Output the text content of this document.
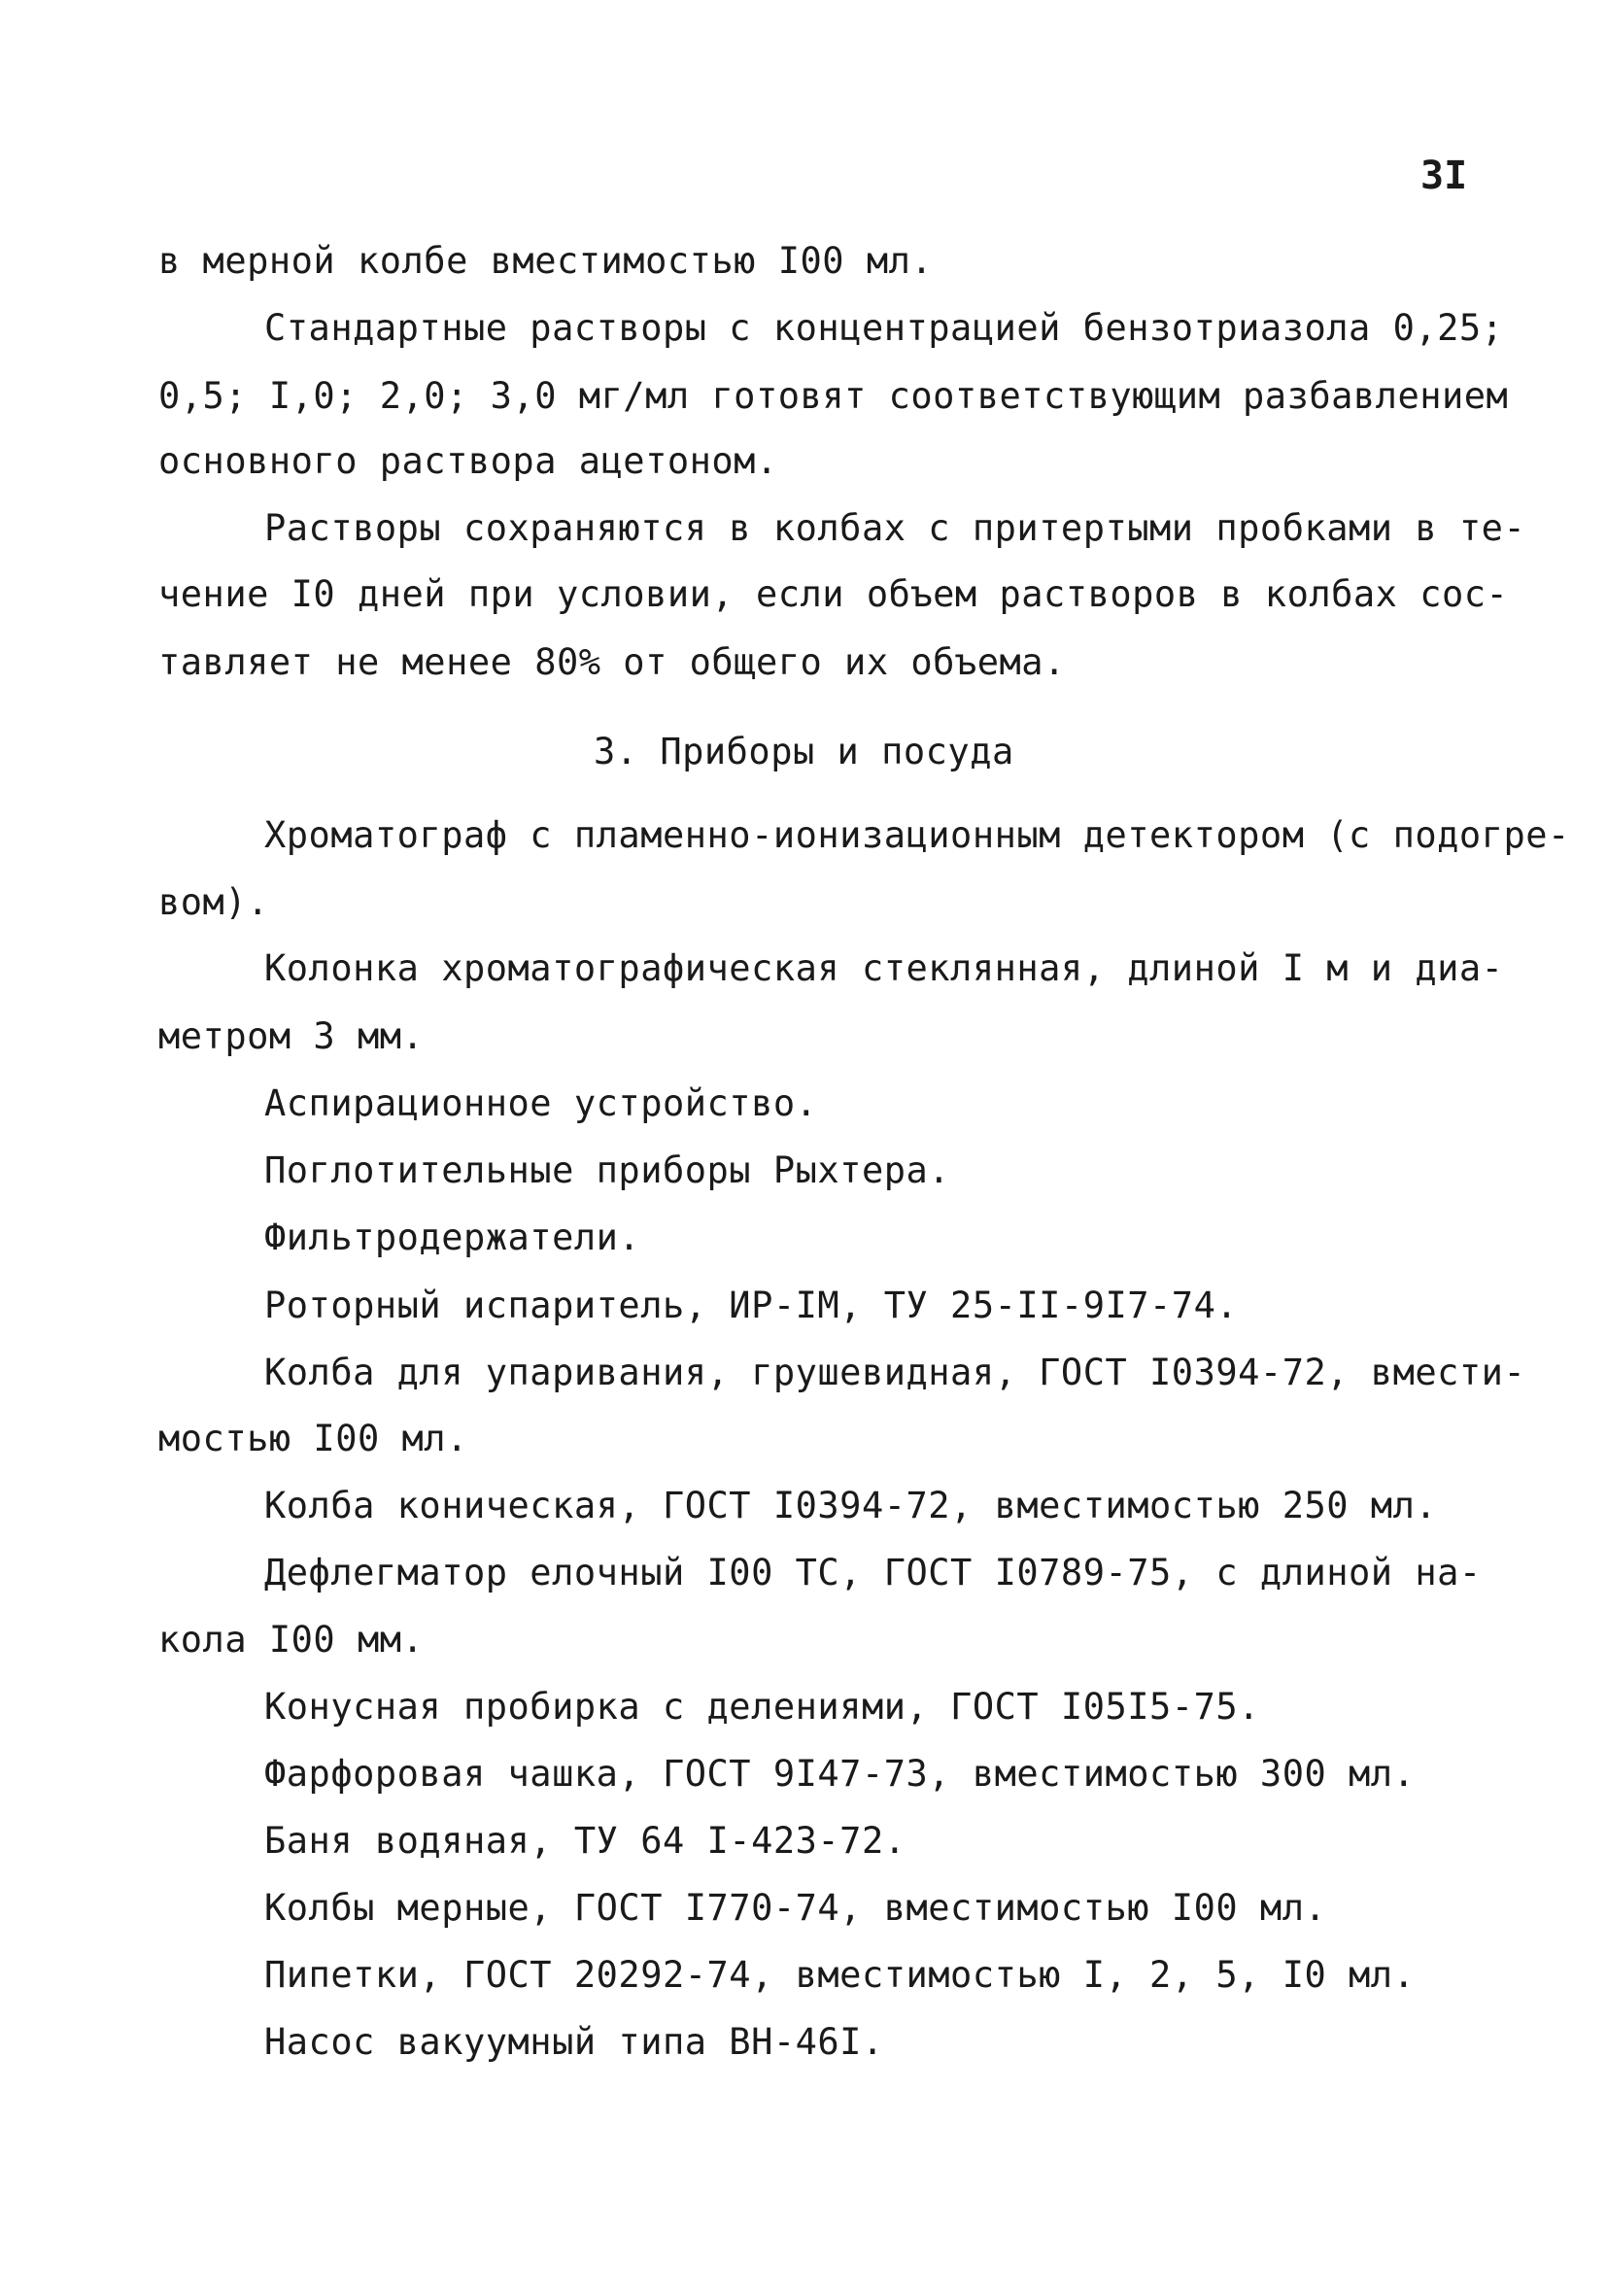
3I
в мерной колбе вместимостью I00 мл.
Стандартные растворы с концентрацией бензотриазола 0,25;
0,5; I,0; 2,0; 3,0 мг/мл готовят соответствующим разбавлением
основного раствора ацетоном.
Растворы сохраняются в колбах с притертыми пробками в те-
чение I0 дней при условии, если объем растворов в колбах сос-
тавляет не менее 80% от общего их объема.
3. Приборы и посуда
Хроматограф с пламенно-ионизационным детектором (с подогре-
вом).
Колонка хроматографическая стеклянная, длиной I м и диа-
метром 3 мм.
Аспирационное устройство.
Поглотительные приборы Рыхтера.
Фильтродержатели.
Роторный испаритель, ИР-IМ, ТУ 25-II-9I7-74.
Колба для упаривания, грушевидная, ГОСТ I0394-72, вмести-
мостью I00 мл.
Колба коническая, ГОСТ I0394-72, вместимостью 250 мл.
Дефлегматор елочный I00 ТС, ГОСТ I0789-75, с длиной на-
кола I00 мм.
Конусная пробирка с делениями, ГОСТ I05I5-75.
Фарфоровая чашка, ГОСТ 9I47-73, вместимостью 300 мл.
Баня водяная, ТУ 64 I-423-72.
Колбы мерные, ГОСТ I770-74, вместимостью I00 мл.
Пипетки, ГОСТ 20292-74, вместимостью I, 2, 5, I0 мл.
Насос вакуумный типа ВН-46I.
